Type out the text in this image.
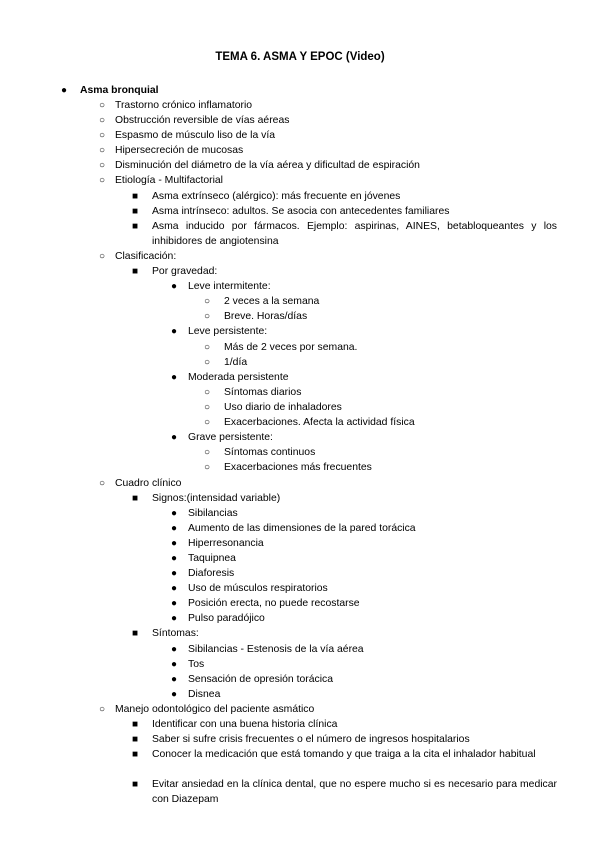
TEMA 6. ASMA Y EPOC (Video)
●	Asma bronquial
○ Trastorno crónico inflamatorio
○ Obstrucción reversible de vías aéreas
○ Espasmo de músculo liso de la vía
○ Hipersecreción de mucosas
○ Disminución del diámetro de la vía aérea y dificultad de espiración
○ Etiología - Multifactorial
■	Asma extrínseco (alérgico): más frecuente en jóvenes
■	Asma intrínseco: adultos. Se asocia con antecedentes familiares
■	Asma inducido por fármacos. Ejemplo: aspirinas, AINES, betabloqueantes y los inhibidores de angiotensina
○ Clasificación:
■	Por gravedad:
●	Leve intermitente:
○	2 veces a la semana
○	Breve. Horas/días
●	Leve persistente:
○	Más de 2 veces por semana.
○	1/día
●	Moderada persistente
○	Síntomas diarios
○	Uso diario de inhaladores
○	Exacerbaciones. Afecta la actividad física
●	Grave persistente:
○	Síntomas continuos
○	Exacerbaciones más frecuentes
○ Cuadro clínico
■	Signos:(intensidad variable)
●	Sibilancias
●	Aumento de las dimensiones de la pared torácica
●	Hiperresonancia
●	Taquipnea
●	Diaforesis
●	Uso de músculos respiratorios
●	Posición erecta, no puede recostarse
●	Pulso paradójico
■	Síntomas:
●	Sibilancias - Estenosis de la vía aérea
●	Tos
●	Sensación de opresión torácica
●	Disnea
○ Manejo odontológico del paciente asmático
■	Identificar con una buena historia clínica
■	Saber si sufre crisis frecuentes o el número de ingresos hospitalarios
■	Conocer la medicación que está tomando y que traiga a la cita el inhalador habitual
■	Evitar ansiedad en la clínica dental, que no espere mucho si es necesario para medicar con Diazepam
